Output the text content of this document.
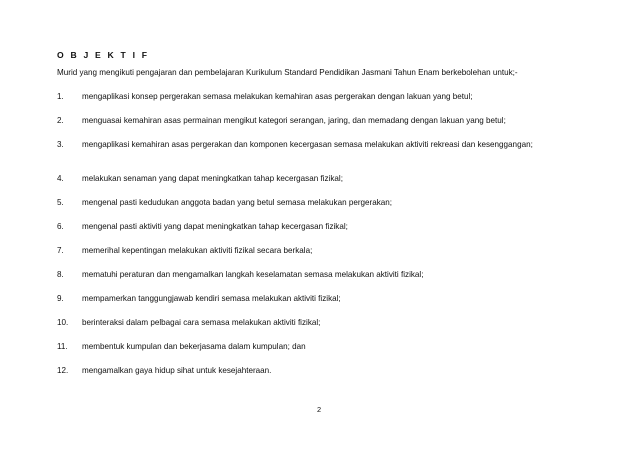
O B J E K T I F
Murid yang mengikuti pengajaran dan pembelajaran Kurikulum Standard Pendidikan Jasmani Tahun Enam berkebolehan untuk;-
1.	mengaplikasi konsep pergerakan semasa melakukan kemahiran asas pergerakan dengan lakuan yang betul;
2.	menguasai kemahiran asas permainan mengikut kategori serangan, jaring, dan memadang dengan lakuan yang betul;
3.	mengaplikasi kemahiran asas pergerakan dan komponen kecergasan semasa melakukan aktiviti rekreasi dan kesenggangan;
4.	melakukan senaman yang dapat meningkatkan tahap kecergasan fizikal;
5.	mengenal pasti kedudukan anggota badan yang betul semasa melakukan pergerakan;
6.	mengenal pasti aktiviti yang dapat meningkatkan tahap kecergasan fizikal;
7.	memerihal kepentingan melakukan aktiviti fizikal secara berkala;
8.	mematuhi peraturan dan mengamalkan langkah keselamatan semasa melakukan aktiviti fizikal;
9.	mempamerkan tanggungjawab kendiri semasa melakukan aktiviti fizikal;
10.	berinteraksi dalam pelbagai cara semasa melakukan aktiviti fizikal;
11.	membentuk kumpulan dan bekerjasama dalam kumpulan; dan
12.	mengamalkan gaya hidup sihat untuk kesejahteraan.
2
